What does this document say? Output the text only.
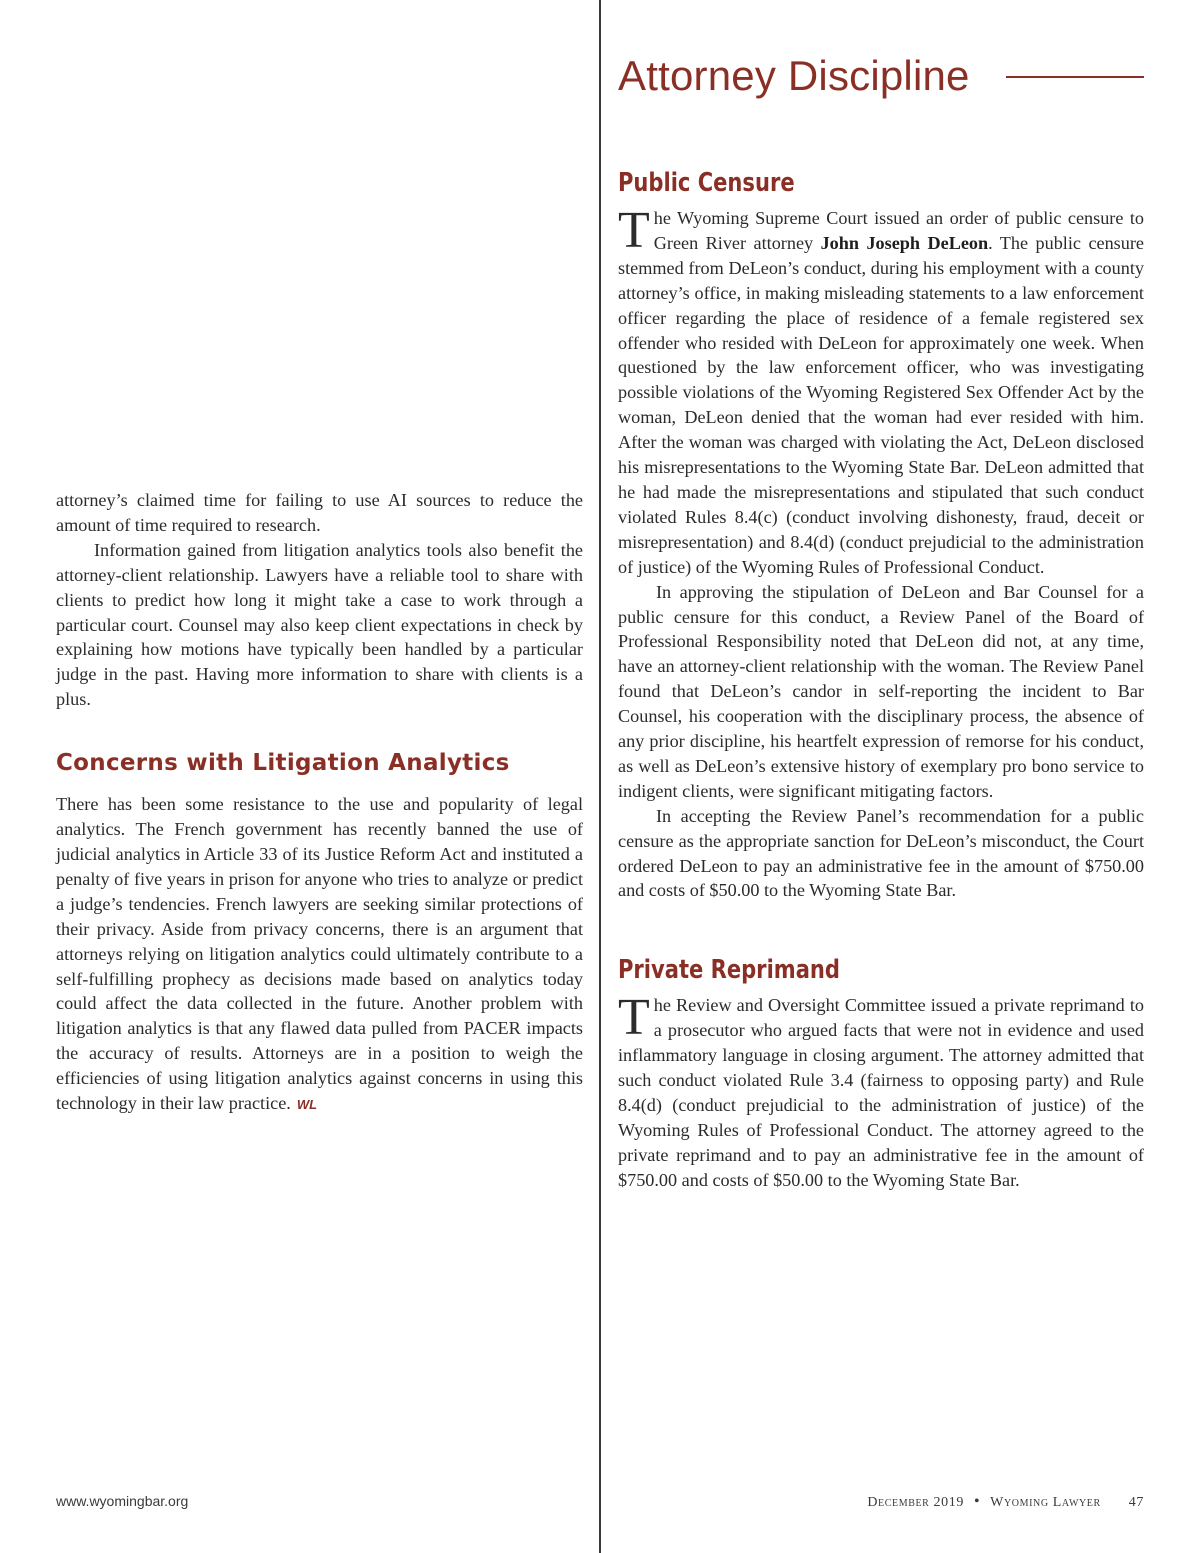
Attorney Discipline

attorney’s claimed time for failing to use AI sources to reduce the amount of time required to research.

Information gained from litigation analytics tools also benefit the attorney-client relationship. Lawyers have a reliable tool to share with clients to predict how long it might take a case to work through a particular court. Counsel may also keep client expectations in check by explaining how motions have typically been handled by a particular judge in the past. Having more information to share with clients is a plus.

Concerns with Litigation Analytics

There has been some resistance to the use and popularity of legal analytics. The French government has recently banned the use of judicial analytics in Article 33 of its Justice Reform Act and instituted a penalty of five years in prison for anyone who tries to analyze or predict a judge’s tendencies. French lawyers are seeking similar protections of their privacy. Aside from privacy concerns, there is an argument that attorneys relying on litigation analytics could ultimately contribute to a self-fulfilling prophecy as decisions made based on analytics today could affect the data collected in the future. Another problem with litigation analytics is that any flawed data pulled from PACER impacts the accuracy of results. Attorneys are in a position to weigh the efficiencies of using litigation analytics against concerns in using this technology in their law practice. WL

Public Censure

The Wyoming Supreme Court issued an order of public censure to Green River attorney John Joseph DeLeon. The public censure stemmed from DeLeon’s conduct, during his employment with a county attorney’s office, in making misleading statements to a law enforcement officer regarding the place of residence of a female registered sex offender who resided with DeLeon for approximately one week. When questioned by the law enforcement officer, who was investigating possible violations of the Wyoming Registered Sex Offender Act by the woman, DeLeon denied that the woman had ever resided with him. After the woman was charged with violating the Act, DeLeon disclosed his misrepresentations to the Wyoming State Bar. DeLeon admitted that he had made the misrepresentations and stipulated that such conduct violated Rules 8.4(c) (conduct involving dishonesty, fraud, deceit or misrepresentation) and 8.4(d) (conduct prejudicial to the administration of justice) of the Wyoming Rules of Professional Conduct.

In approving the stipulation of DeLeon and Bar Counsel for a public censure for this conduct, a Review Panel of the Board of Professional Responsibility noted that DeLeon did not, at any time, have an attorney-client relationship with the woman. The Review Panel found that DeLeon’s candor in self-reporting the incident to Bar Counsel, his cooperation with the disciplinary process, the absence of any prior discipline, his heartfelt expression of remorse for his conduct, as well as DeLeon’s extensive history of exemplary pro bono service to indigent clients, were significant mitigating factors.

In accepting the Review Panel’s recommendation for a public censure as the appropriate sanction for DeLeon’s misconduct, the Court ordered DeLeon to pay an administrative fee in the amount of $750.00 and costs of $50.00 to the Wyoming State Bar.

Private Reprimand

The Review and Oversight Committee issued a private reprimand to a prosecutor who argued facts that were not in evidence and used inflammatory language in closing argument. The attorney admitted that such conduct violated Rule 3.4 (fairness to opposing party) and Rule 8.4(d) (conduct prejudicial to the administration of justice) of the Wyoming Rules of Professional Conduct. The attorney agreed to the private reprimand and to pay an administrative fee in the amount of $750.00 and costs of $50.00 to the Wyoming State Bar.

www.wyomingbar.org	December 2019 • Wyoming Lawyer 47
